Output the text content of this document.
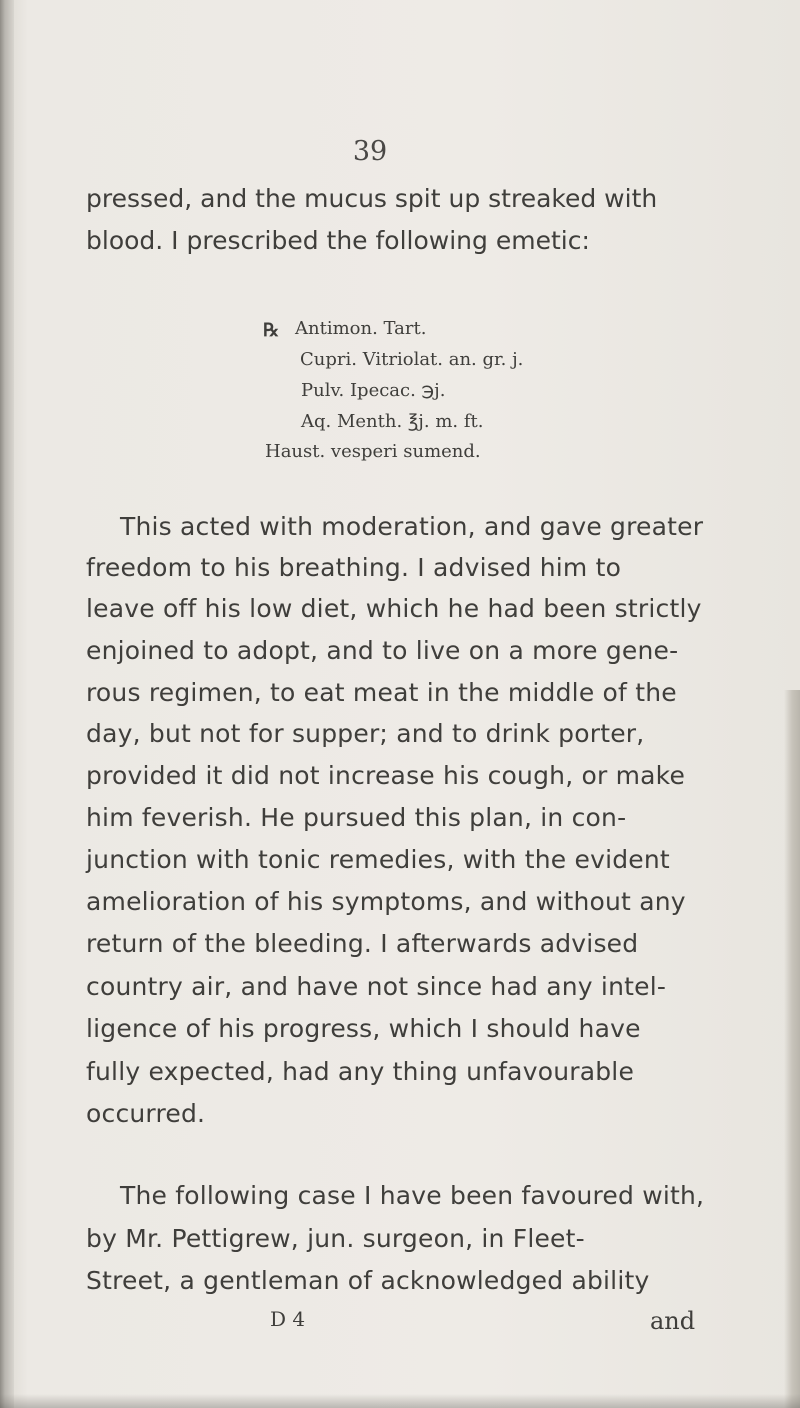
39
pressed, and the mucus spit up streaked with
blood. I prescribed the following emetic:
℞ Antimon. Tart.
Cupri. Vitriolat. an. gr. j.
Pulv. Ipecac. ℈j.
Aq. Menth. ℥j. m. ft.
Haust. vesperi sumend.
This acted with moderation, and gave greater
freedom to his breathing. I advised him to
leave off his low diet, which he had been strictly
enjoined to adopt, and to live on a more gene-
rous regimen, to eat meat in the middle of the
day, but not for supper; and to drink porter,
provided it did not increase his cough, or make
him feverish. He pursued this plan, in con-
junction with tonic remedies, with the evident
amelioration of his symptoms, and without any
return of the bleeding. I afterwards advised
country air, and have not since had any intel-
ligence of his progress, which I should have
fully expected, had any thing unfavourable
occurred.
The following case I have been favoured with,
by Mr. Pettigrew, jun. surgeon, in Fleet-
Street, a gentleman of acknowledged ability
D 4	and
